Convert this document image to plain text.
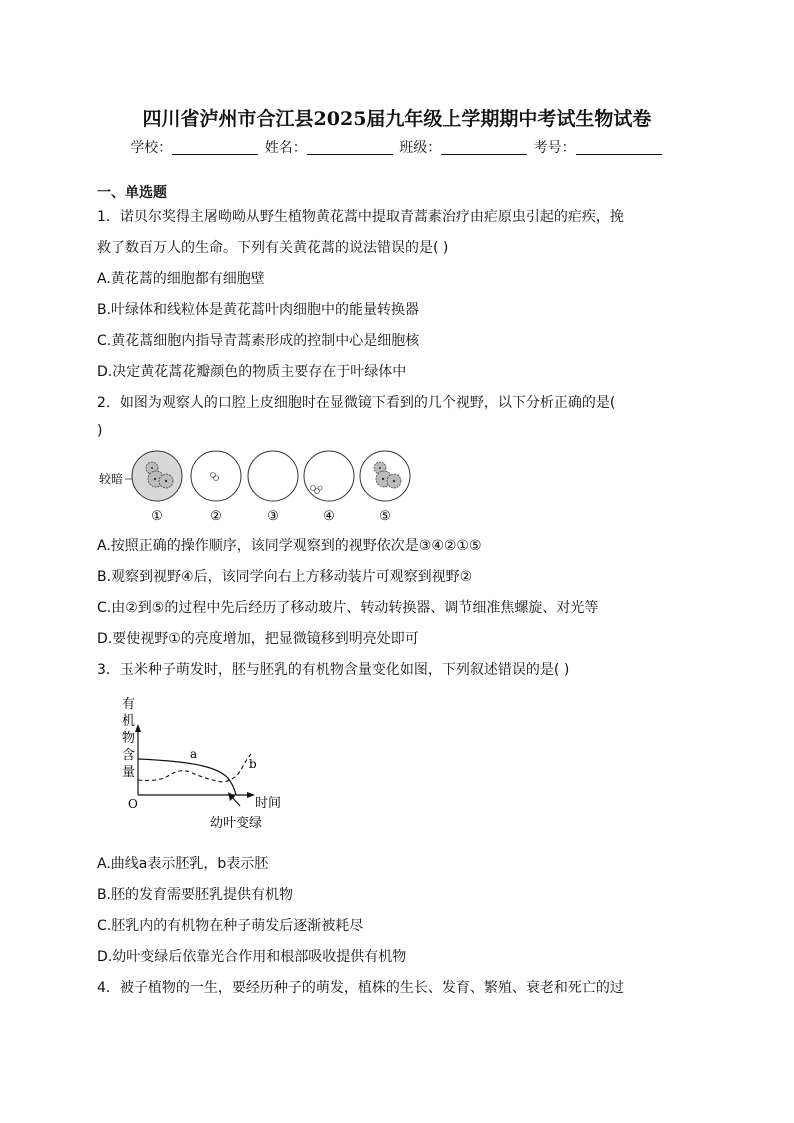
四川省泸州市合江县2025届九年级上学期期中考试生物试卷
学校：	姓名：	班级：	考号：
一、单选题
1．诺贝尔奖得主屠呦呦从野生植物黄花蒿中提取青蒿素治疗由疟原虫引起的疟疾，挽
救了数百万人的生命。下列有关黄花蒿的说法错误的是( )
A.黄花蒿的细胞都有细胞壁
B.叶绿体和线粒体是黄花蒿叶肉细胞中的能量转换器
C.黄花蒿细胞内指导青蒿素形成的控制中心是细胞核
D.决定黄花蒿花瓣颜色的物质主要存在于叶绿体中
2．如图为观察人的口腔上皮细胞时在显微镜下看到的几个视野，以下分析正确的是(
)
较暗
①	②	③	④	⑤
A.按照正确的操作顺序，该同学观察到的视野依次是③④②①⑤
B.观察到视野④后，该同学向右上方移动装片可观察到视野②
C.由②到⑤的过程中先后经历了移动玻片、转动转换器、调节细准焦螺旋、对光等
D.要使视野①的亮度增加，把显微镜移到明亮处即可
3．玉米种子萌发时，胚与胚乳的有机物含量变化如图，下列叙述错误的是( )
有
机
物
含
量
O	时间
a
b
幼叶变绿
A.曲线a表示胚乳，b表示胚
B.胚的发育需要胚乳提供有机物
C.胚乳内的有机物在种子萌发后逐渐被耗尽
D.幼叶变绿后依靠光合作用和根部吸收提供有机物
4．被子植物的一生，要经历种子的萌发，植株的生长、发育、繁殖、衰老和死亡的过
